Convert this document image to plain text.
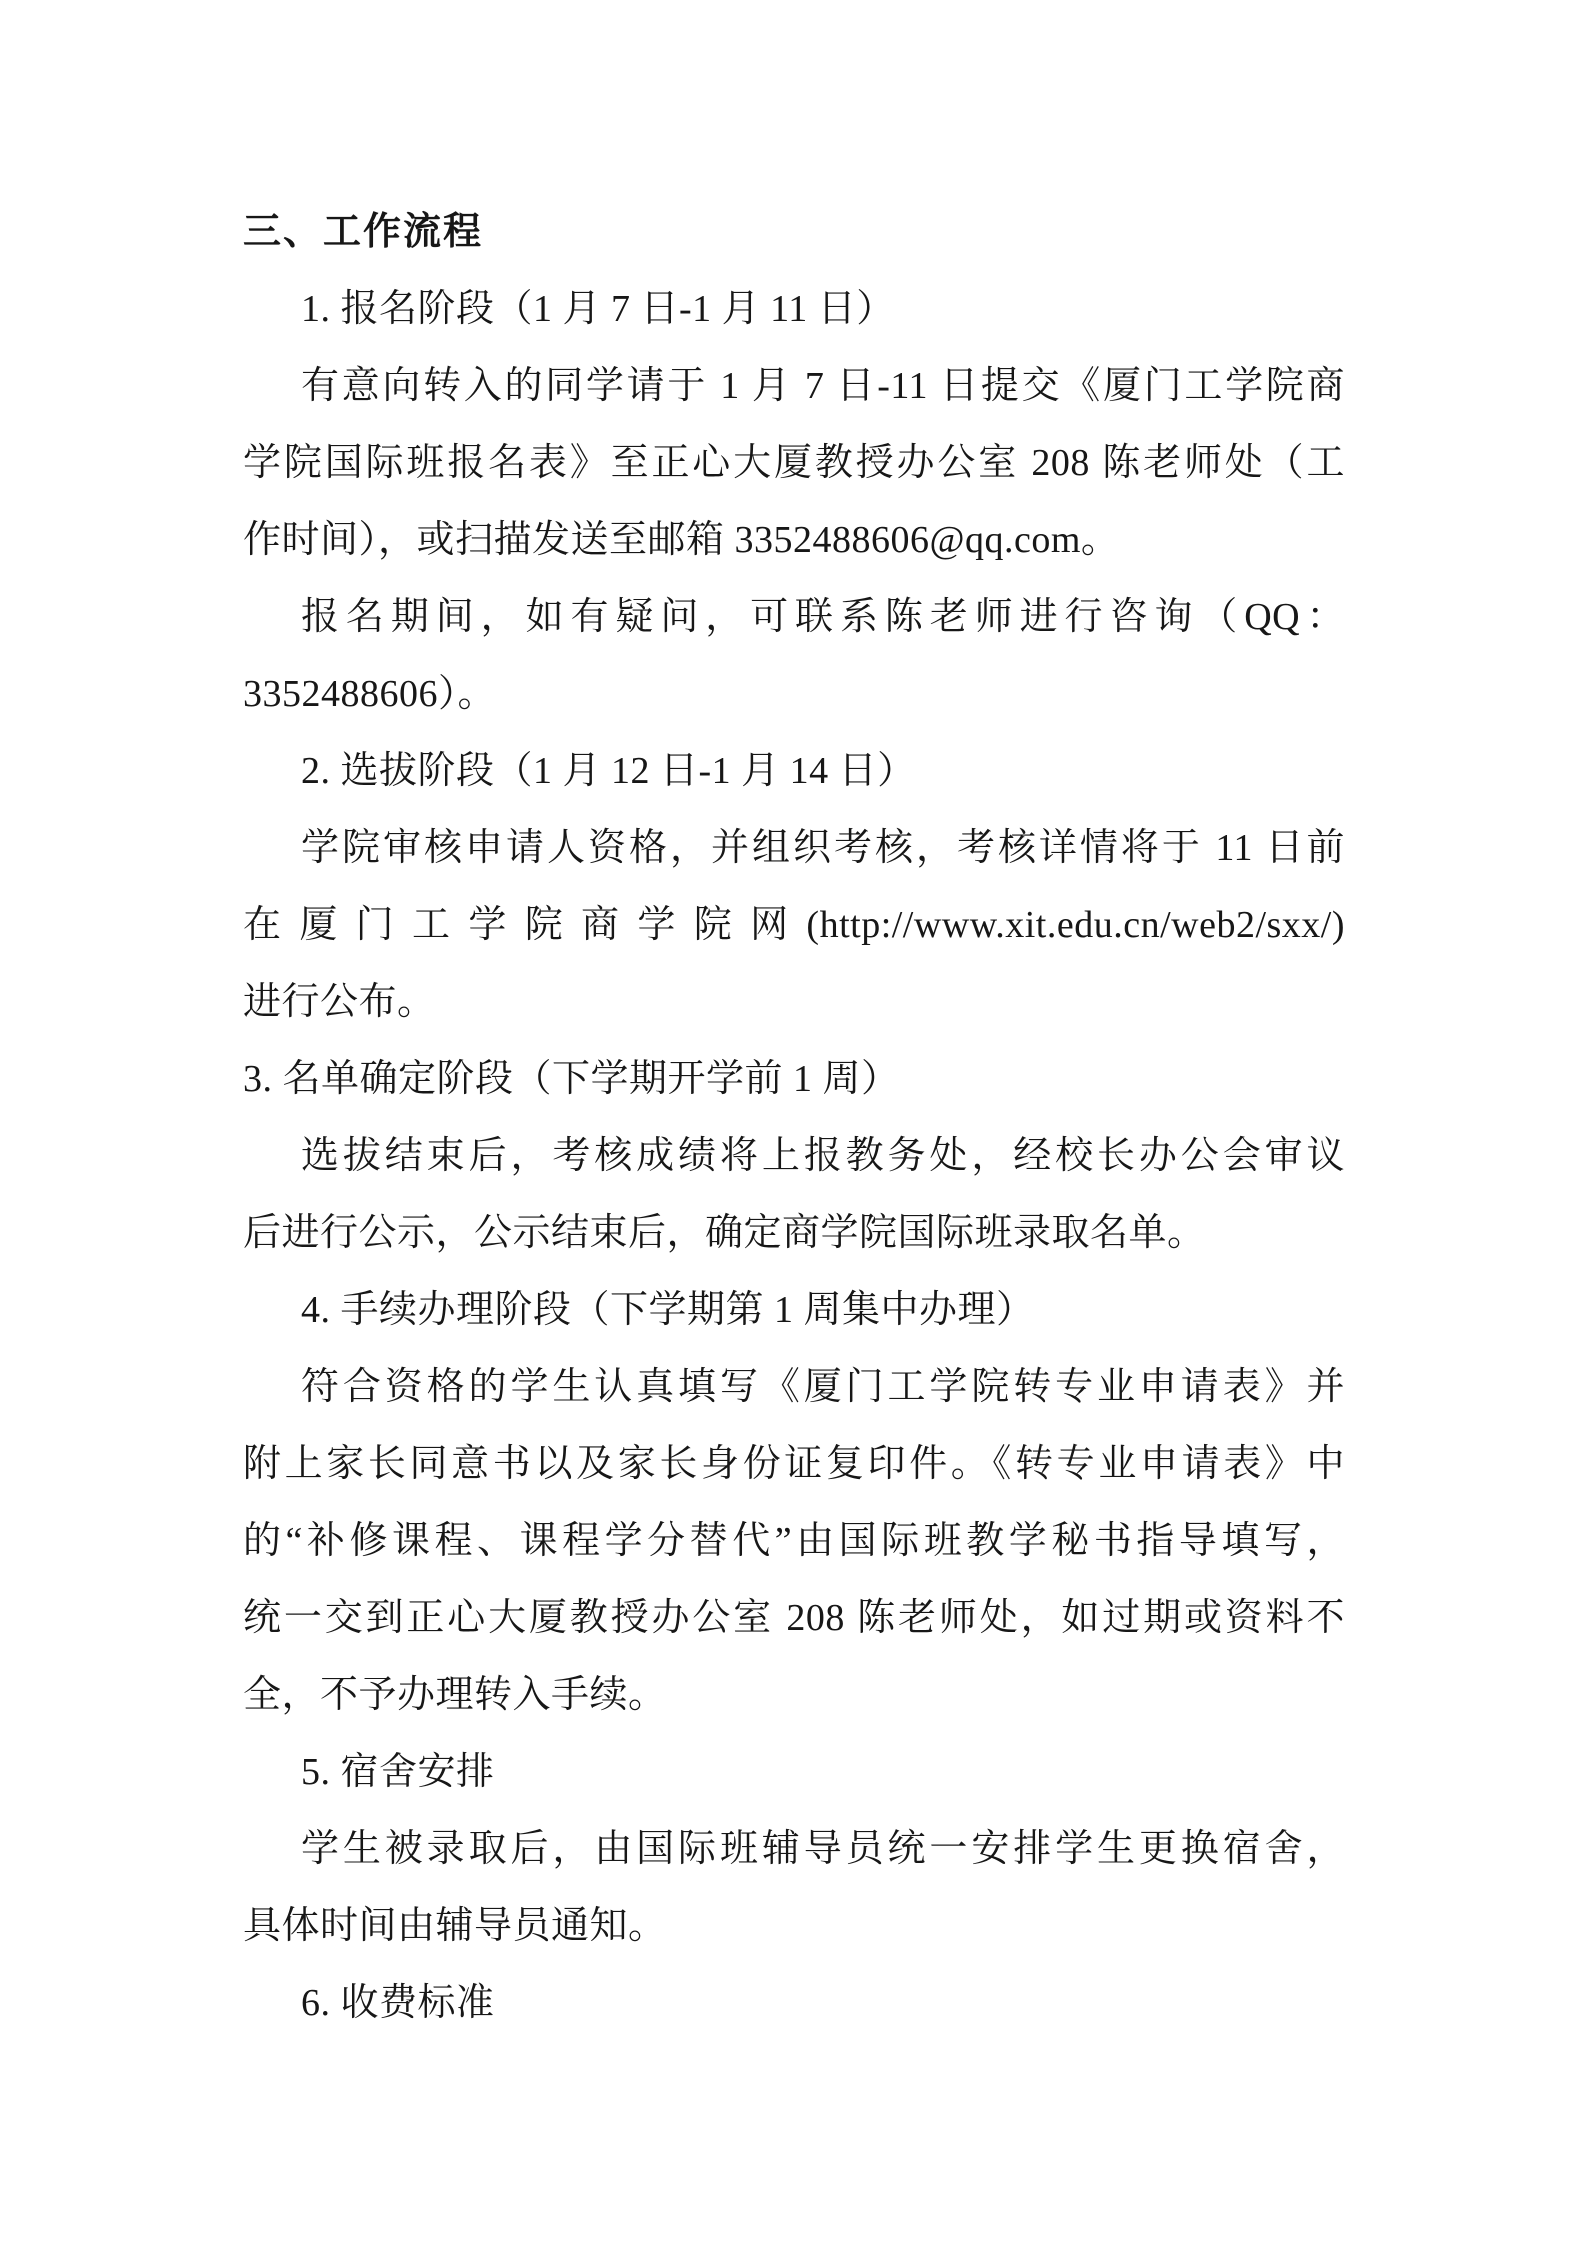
三、工作流程
1. 报名阶段（1 月 7 日-1 月 11 日）
有意向转入的同学请于 1 月 7 日-11 日提交《厦门工学院商
学院国际班报名表》至正心大厦教授办公室 208 陈老师处（工
作时间），或扫描发送至邮箱 3352488606@qq.com。
报名期间，如有疑问，可联系陈老师进行咨询（QQ：
3352488606）。
2. 选拔阶段（1 月 12 日-1 月 14 日）
学院审核申请人资格，并组织考核，考核详情将于 11 日前
在厦门工学院商学院网(http://www.xit.edu.cn/web2/sxx/)
进行公布。
3. 名单确定阶段（下学期开学前 1 周）
选拔结束后，考核成绩将上报教务处，经校长办公会审议
后进行公示，公示结束后，确定商学院国际班录取名单。
4. 手续办理阶段（下学期第 1 周集中办理）
符合资格的学生认真填写《厦门工学院转专业申请表》并
附上家长同意书以及家长身份证复印件。《转专业申请表》中
的“补修课程、课程学分替代”由国际班教学秘书指导填写，
统一交到正心大厦教授办公室 208 陈老师处，如过期或资料不
全，不予办理转入手续。
5. 宿舍安排
学生被录取后，由国际班辅导员统一安排学生更换宿舍，
具体时间由辅导员通知。
6. 收费标准
